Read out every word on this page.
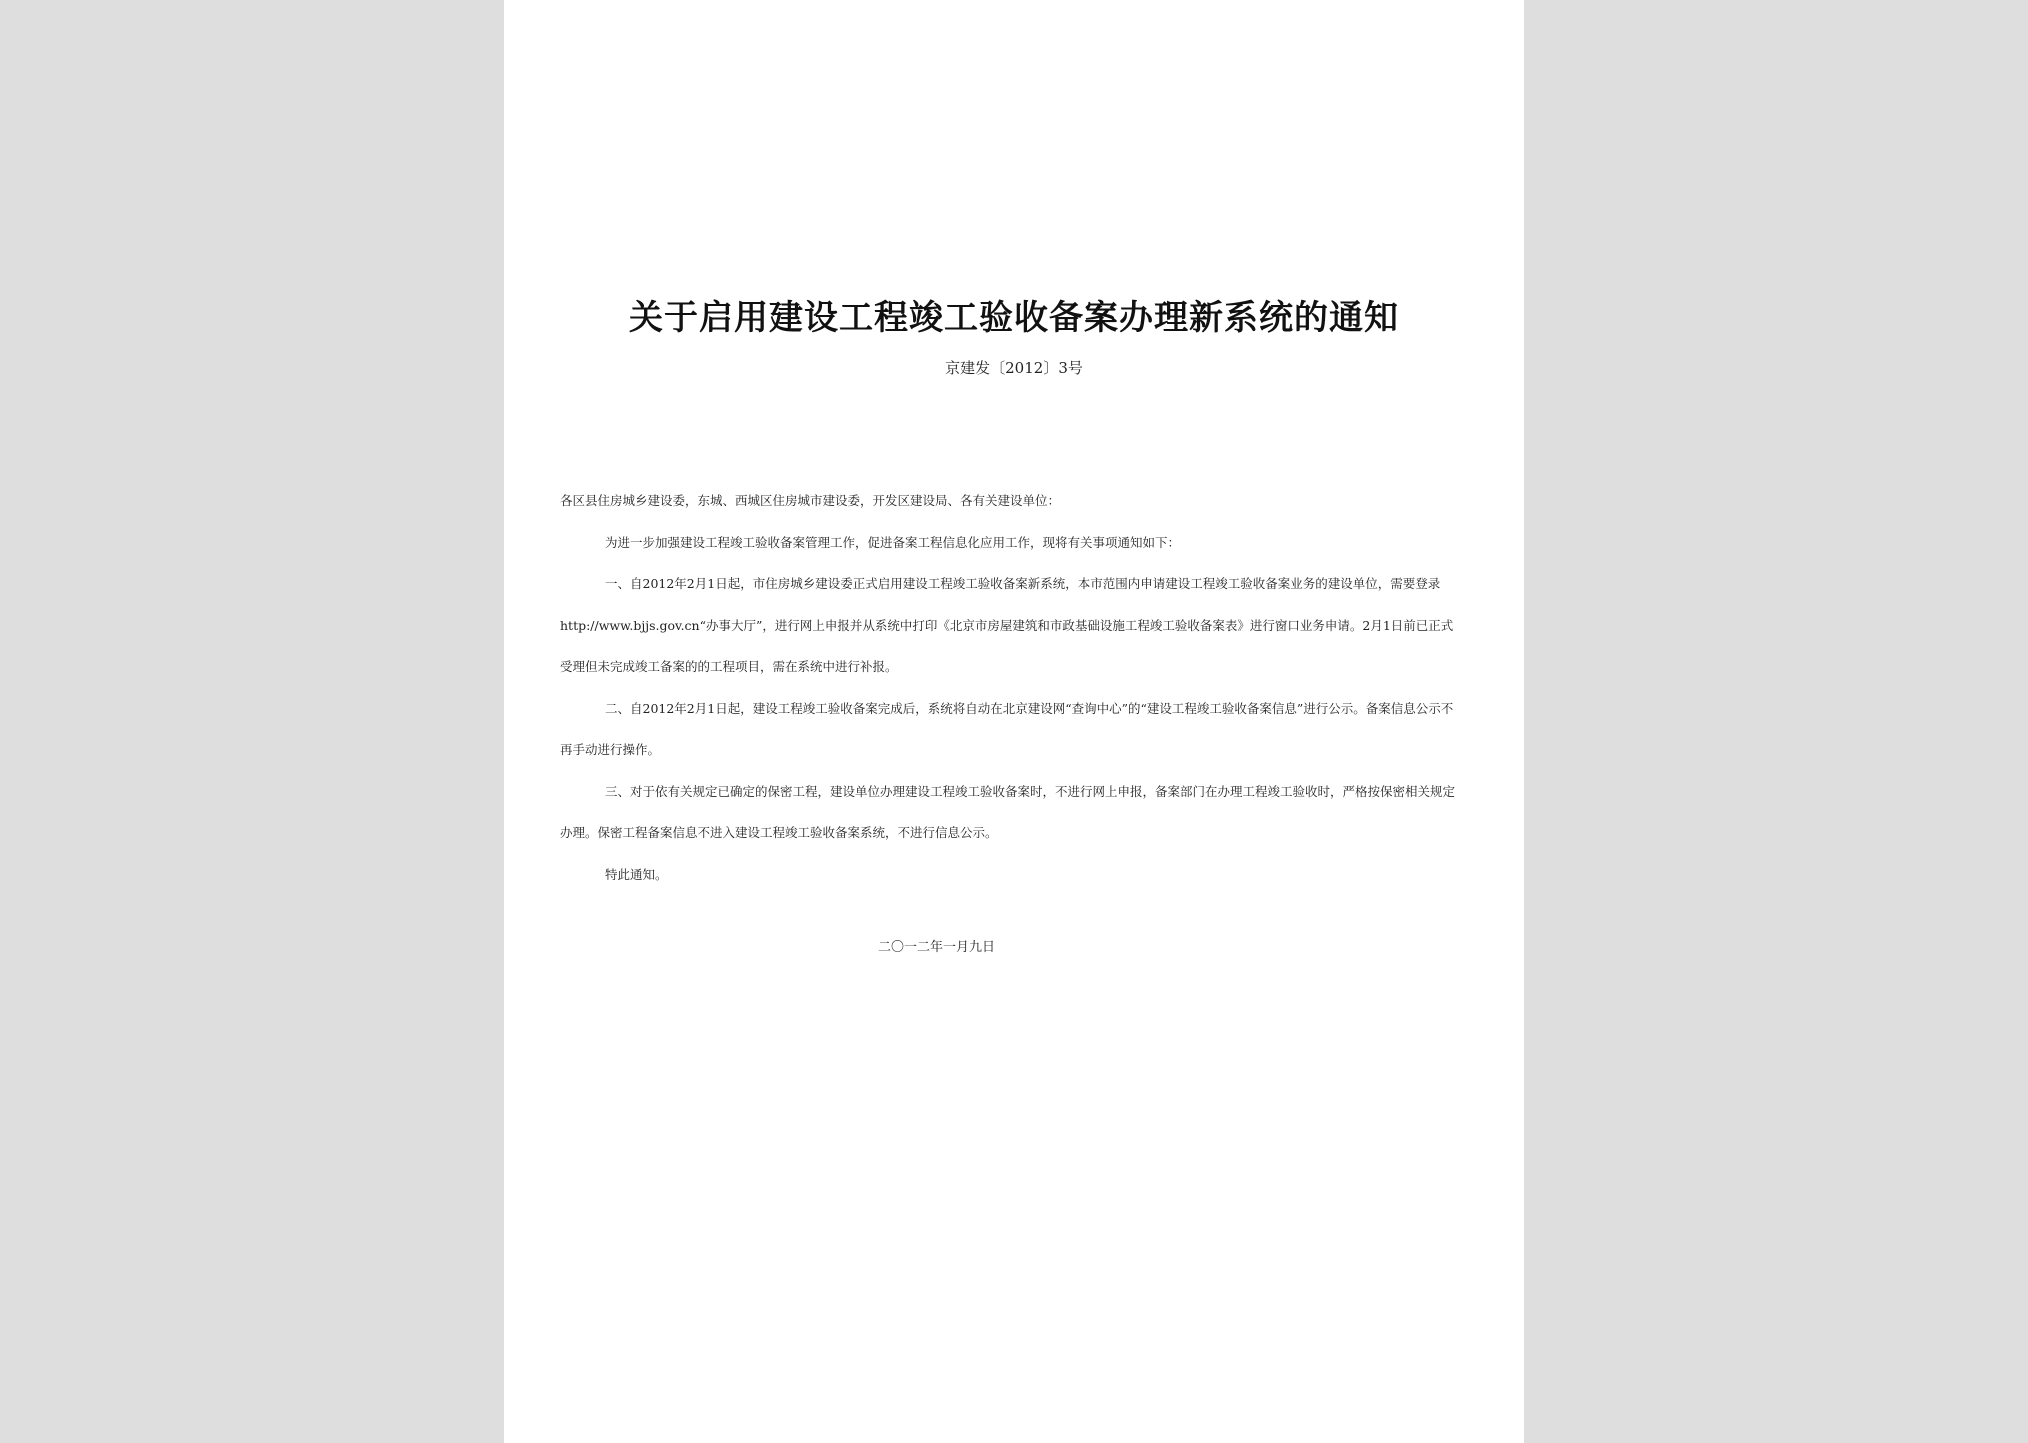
关于启用建设工程竣工验收备案办理新系统的通知
京建发〔2012〕3号

各区县住房城乡建设委，东城、西城区住房城市建设委，开发区建设局、各有关建设单位：

为进一步加强建设工程竣工验收备案管理工作，促进备案工程信息化应用工作，现将有关事项通知如下：

一、自2012年2月1日起，市住房城乡建设委正式启用建设工程竣工验收备案新系统，本市范围内申请建设工程竣工验收备案业务的建设单位，需要登录http://www.bjjs.gov.cn“办事大厅”，进行网上申报并从系统中打印《北京市房屋建筑和市政基础设施工程竣工验收备案表》进行窗口业务申请。2月1日前已正式受理但未完成竣工备案的的工程项目，需在系统中进行补报。

二、自2012年2月1日起，建设工程竣工验收备案完成后，系统将自动在北京建设网“查询中心”的“建设工程竣工验收备案信息”进行公示。备案信息公示不再手动进行操作。

三、对于依有关规定已确定的保密工程，建设单位办理建设工程竣工验收备案时，不进行网上申报，备案部门在办理工程竣工验收时，严格按保密相关规定办理。保密工程备案信息不进入建设工程竣工验收备案系统，不进行信息公示。

特此通知。

二〇一二年一月九日
